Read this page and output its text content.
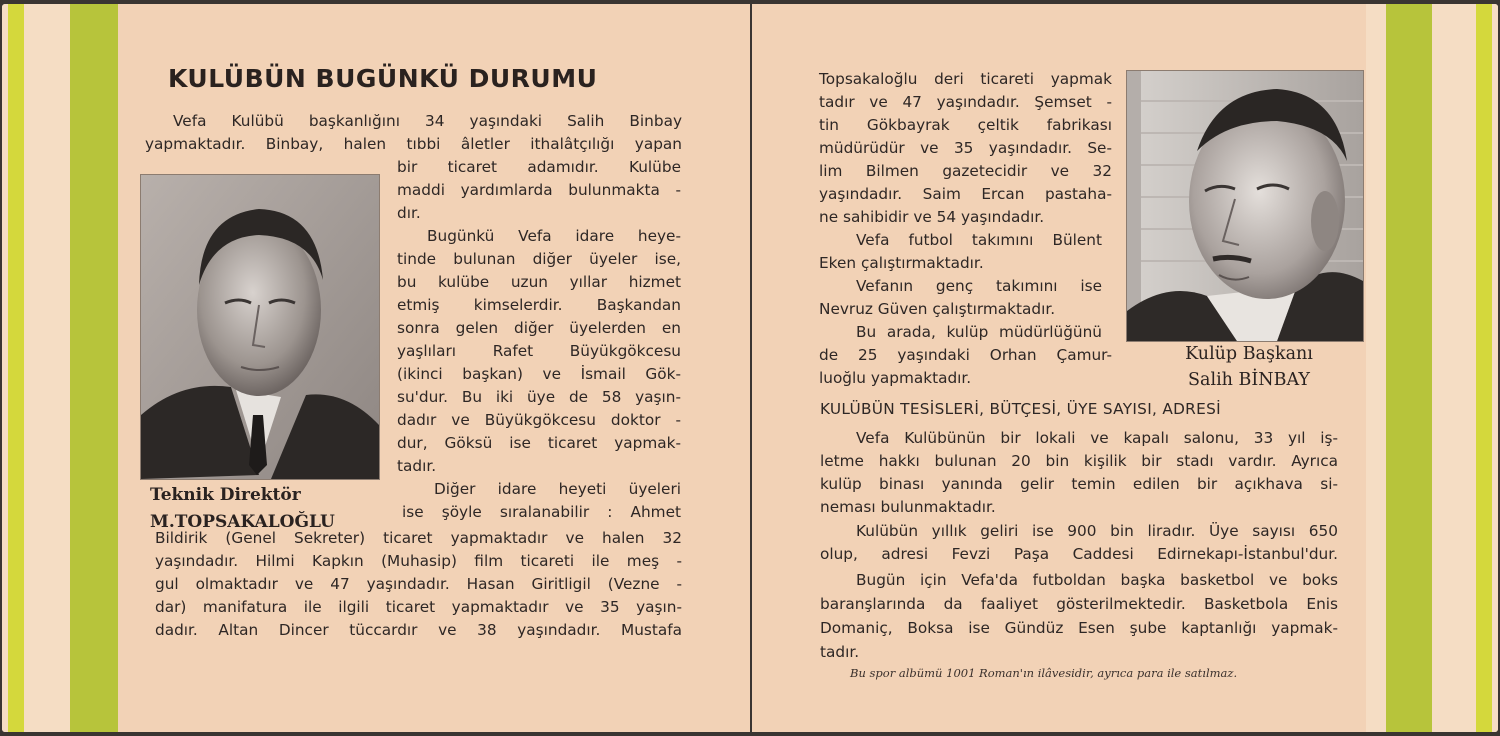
KULÜBÜN BUGÜNKÜ DURUMU
Vefa Kulübü başkanlığını 34 yaşındaki Salih Binbay
yapmaktadır. Binbay, halen tıbbi âletler ithalâtçılığı yapan
Teknik Direktör
M.TOPSAKALOĞLU
bir ticaret adamıdır. Kulübe
maddi yardımlarda bulunmakta -
dır.
Bugünkü Vefa idare heye-
tinde bulunan diğer üyeler ise,
bu kulübe uzun yıllar hizmet
etmiş kimselerdir. Başkandan
sonra gelen diğer üyelerden en
yaşlıları Rafet Büyükgökcesu
(ikinci başkan) ve İsmail Gök-
su'dur. Bu iki üye de 58 yaşın-
dadır ve Büyükgökcesu doktor -
dur, Göksü ise ticaret yapmak-
tadır.
Diğer idare heyeti üyeleri
ise şöyle sıralanabilir : Ahmet
Bildirik (Genel Sekreter) ticaret yapmaktadır ve halen 32
yaşındadır. Hilmi Kapkın (Muhasip) film ticareti ile meş -
gul olmaktadır ve 47 yaşındadır. Hasan Giritligil (Vezne -
dar) manifatura ile ilgili ticaret yapmaktadır ve 35 yaşın-
dadır. Altan Dincer tüccardır ve 38 yaşındadır. Mustafa
Topsakaloğlu deri ticareti yapmak
tadır ve 47 yaşındadır. Şemset -
tin Gökbayrak çeltik fabrikası
müdürüdür ve 35 yaşındadır. Se-
lim Bilmen gazetecidir ve 32
yaşındadır. Saim Ercan pastaha-
ne sahibidir ve 54 yaşındadır.
Vefa futbol takımını Bülent
Eken çalıştırmaktadır.
Vefanın genç takımını ise
Nevruz Güven çalıştırmaktadır.
Bu arada, kulüp müdürlüğünü
de 25 yaşındaki Orhan Çamur-
luoğlu yapmaktadır.
Kulüp Başkanı
Salih BİNBAY
KULÜBÜN TESİSLERİ, BÜTÇESİ, ÜYE SAYISI, ADRESİ
Vefa Kulübünün bir lokali ve kapalı salonu, 33 yıl iş-
letme hakkı bulunan 20 bin kişilik bir stadı vardır. Ayrıca
kulüp binası yanında gelir temin edilen bir açıkhava si-
neması bulunmaktadır.
Kulübün yıllık geliri ise 900 bin liradır. Üye sayısı 650
olup, adresi Fevzi Paşa Caddesi Edirnekapı-İstanbul'dur.
Bugün için Vefa'da futboldan başka basketbol ve boks
baranşlarında da faaliyet gösterilmektedir. Basketbola Enis
Domaniç, Boksa ise Gündüz Esen şube kaptanlığı yapmak-
tadır.
Bu spor albümü 1001 Roman'ın ilâvesidir, ayrıca para ile satılmaz.
